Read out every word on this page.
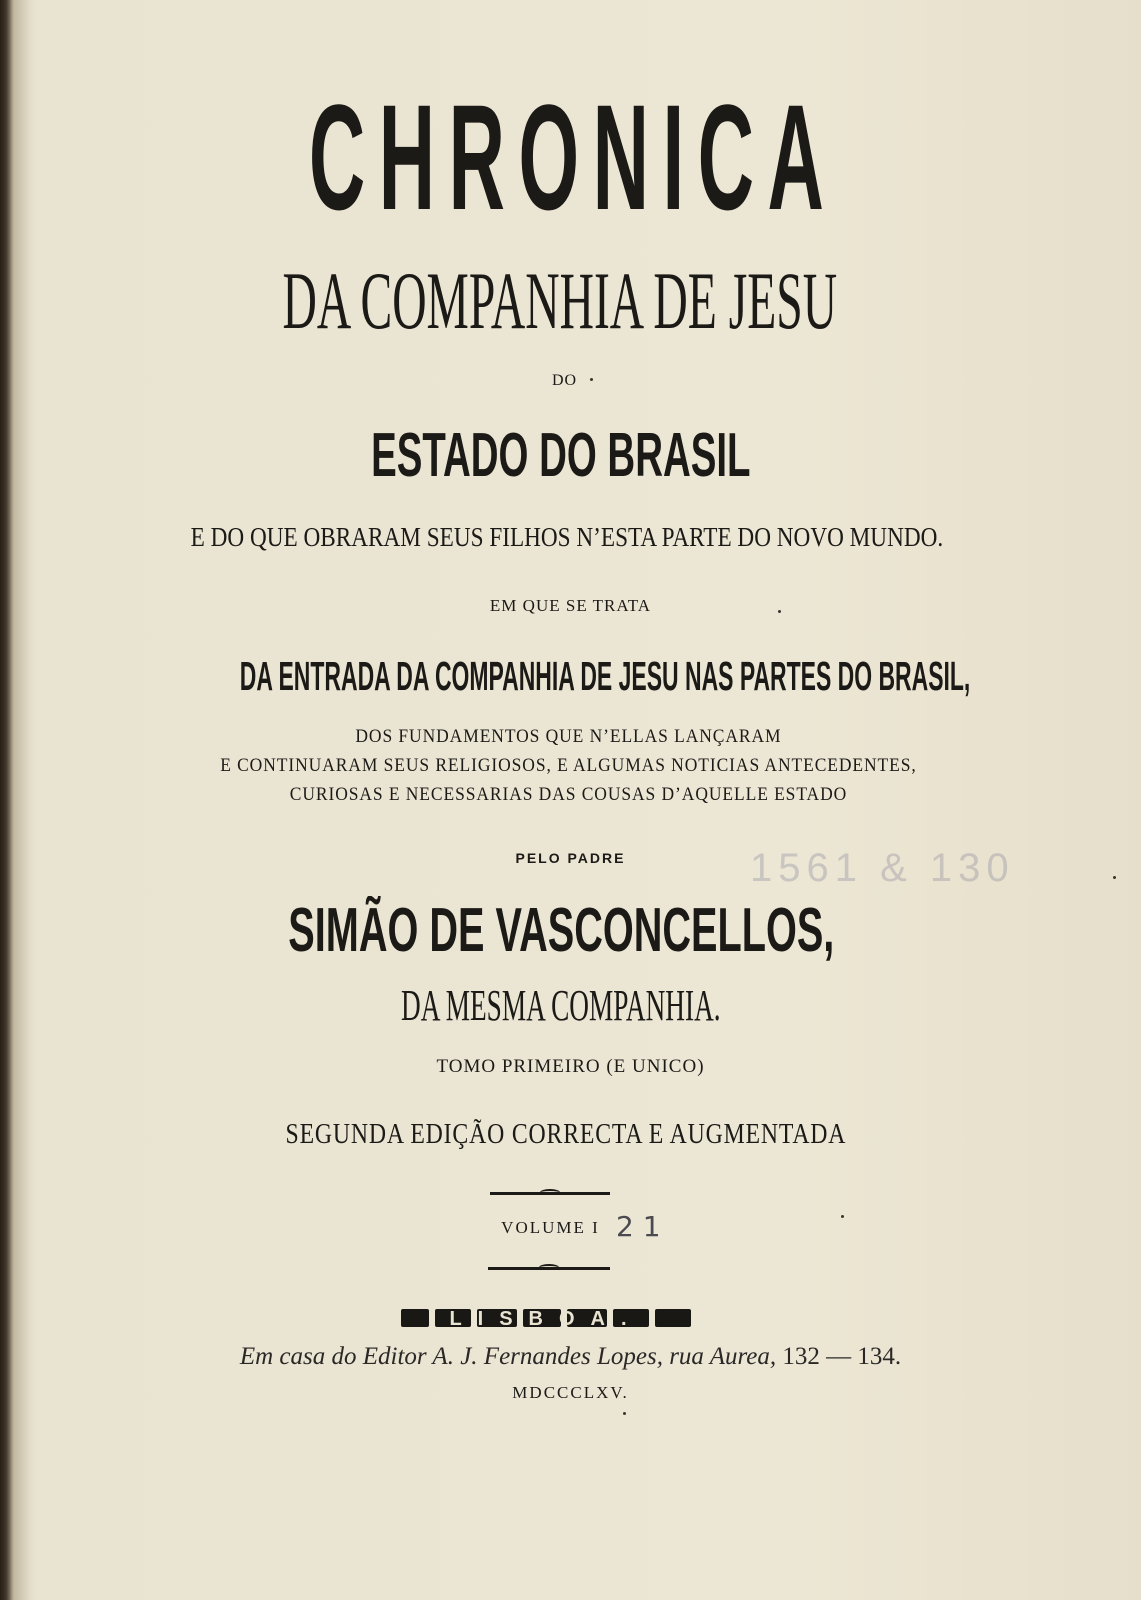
CHRONICA
DA COMPANHIA DE JESU
DO
ESTADO DO BRASIL
E DO QUE OBRARAM SEUS FILHOS N’ESTA PARTE DO NOVO MUNDO.
EM QUE SE TRATA
DA ENTRADA DA COMPANHIA DE JESU NAS PARTES DO BRASIL,
DOS FUNDAMENTOS QUE N’ELLAS LANÇARAM
E CONTINUARAM SEUS RELIGIOSOS, E ALGUMAS NOTICIAS ANTECEDENTES,
CURIOSAS E NECESSARIAS DAS COUSAS D’AQUELLE ESTADO
PELO PADRE	1561 & 130
SIMÃO DE VASCONCELLOS,
DA MESMA COMPANHIA.
TOMO PRIMEIRO (E UNICO)
SEGUNDA EDIÇÃO CORRECTA E AUGMENTADA
VOLUME I 2 1
LISBOA.
Em casa do Editor A. J. Fernandes Lopes, rua Aurea, 132 — 134.
MDCCCLXV.
